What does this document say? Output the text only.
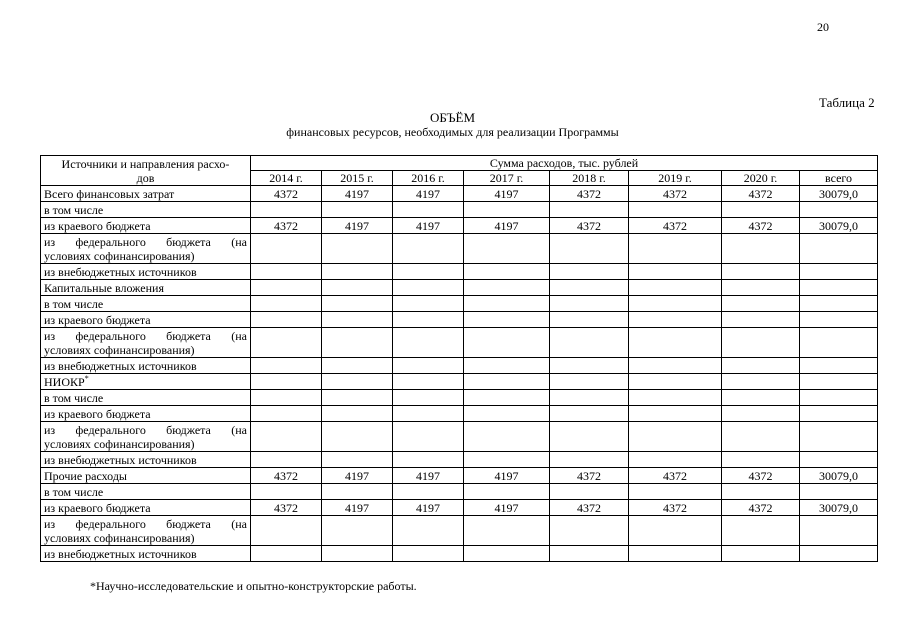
20
Таблица 2
ОБЪЁМ
финансовых ресурсов, необходимых для реализации Программы
Источники и направления расхо-
дов	Сумма расходов, тыс. рублей							
	2014 г.	2015 г.	2016 г.	2017 г.	2018 г.	2019 г.	2020 г.	всего
Всего финансовых затрат	4372	4197	4197	4197	4372	4372	4372	30079,0
в том числе								
из краевого бюджета	4372	4197	4197	4197	4372	4372	4372	30079,0

из федерального бюджета (на
условиях софинансирования)								

из внебюджетных источников								
Капитальные вложения								
в том числе								
из краевого бюджета								

из федерального бюджета (на
условиях софинансирования)								

из внебюджетных источников								
НИОКР*								
в том числе								
из краевого бюджета								

из федерального бюджета (на
условиях софинансирования)								

из внебюджетных источников								
Прочие расходы	4372	4197	4197	4197	4372	4372	4372	30079,0
в том числе								
из краевого бюджета	4372	4197	4197	4197	4372	4372	4372	30079,0

из федерального бюджета (на
условиях софинансирования)								

из внебюджетных источников								
*Научно-исследовательские и опытно-конструкторские работы.
